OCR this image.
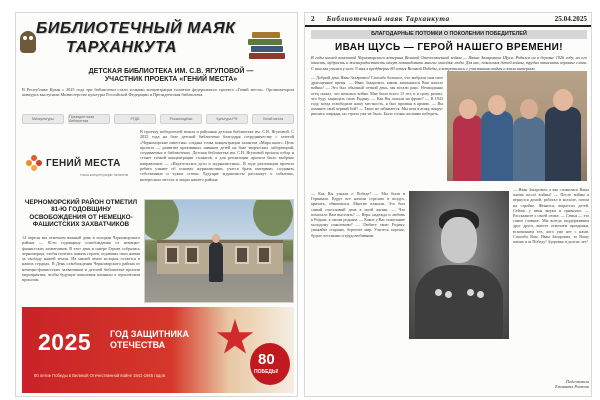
БИБЛИОТЕЧНЫЙ МАЯК
ТАРХАНКУТА
ДЕТСКАЯ БИБЛИОТЕКА ИМ. С.В. ЯГУПОВОЙ —
УЧАСТНИК ПРОЕКТА «ГЕНИЙ МЕСТА»
В Республике Крым с 2025 года три библиотеки стали точками концентрации талантов федерального проекта «Гений места». Организатором конкурса выступили Министерство культуры Российской Федерации и Президентская библиотека.
Минкультуры	Президентская библиотека	РГДБ	Росмолодёжь	Культура.РФ	Гений места
ГЕНИЙ МЕСТА
точка концентрации талантов
В проекту победителей вошла и районная детская библиотека им. С.В. Ягуповой. С 2025 года на базе детской библиотеки благодаря сотрудничеству с газетой «Черноморские известия» создана точка концентрации талантов «Мира книг». Цель проекта — развитие креативных навыков детей на базе творческих лабораторий, создаваемых в библиотеках. Детская библиотека им. С.В. Ягуповой прошла отбор и станет точкой концентрации талантов, а для реализации проекта было выбрано направление — «Издательское дело и журналистика». В ходе реализации проекта ребята узнают об основах журналистики, учатся брать интервью, создавать собственные и чужие статьи. Будущие журналисты расскажут о событиях, интересных местах и людях нашего района.
ЧЕРНОМОРСКИЙ РАЙОН ОТМЕТИЛ 81-Ю ГОДОВЩИНУ ОСВОБОЖДЕНИЯ ОТ НЕМЕЦКО-ФАШИСТСКИХ ЗАХВАТЧИКОВ
14 апреля мы отмечаем важный день в истории Черноморского района — 81-ю годовщину освобождения от немецко-фашистских захватчиков. В этот день в сквере Героев собрались черноморцы, чтобы почтить память героев, отдавших свои жизни за свободу нашей земли. На нашей земле история остается в наших сердцах. В День освобождения Черноморского района от немецко-фашистских захватчиков в детской библиотеке прошли мероприятия, чтобы будущие поколения помнили о героическом прошлом.
2025 ГОД ЗАЩИТНИКА ОТЕЧЕСТВА
80 летие Победы в Великой Отечественной войне 1941-1945 годов
80
ПОБЕДЫ!
2 Библиотечный маяк Тарханкута	25.04.2025
БЛАГОДАРНЫЕ ПОТОМКИ О ПОКОЛЕНИИ ПОБЕДИТЕЛЕЙ
ИВАН ЩУСЬ — ГЕРОЙ НАШЕГО ВРЕМЕНИ!
В годы нашей поисковой Черноморского ветерана Великой Отечественной войны — Ивана Захаровича Щуся. Родился он в деревне 1926 году, но его юность, мудрость и жизнерадостность могут позавидовать многие молодые люди. Для нас, поколения детей войны, трудно отыскать хорошие слова. С ним мы учимся у него. 9 мая в преддверии 80 летия Великой Победы, я встретилась с участником войны и взяла интервью.
— Добрый день Иван Захарович! Спасибо большое, что выбрали нам свое драгоценное время. — Иван Захарович, каким запомнился Вам начало войны? — Это был обычный летний день, мы встали рано. Неожиданно отец сказал, что началась война. Мне было всего 15 лет, и я сразу решил, что буду защищать свою Родину. — Как Вы попали на фронт? — В 1943 году, когда освободили нашу местность, я был призван в армию. — Вы помните свой первый бой? — Такое не забывается. Мы шли в атаку, вокруг рвались снаряды, но страха уже не было. Было только желание победить.
— Как Вы узнали о Победе? — Мы были в Германии. Вдруг все начали стрелять в воздух, кричать, обниматься. Многие плакали. Это был самый счастливый день в моей жизни. — Что помогало Вам выстоять? — Вера, надежда и любовь к Родине, к своим родным. — Какое у Вас пожелание молодому поколению? — Любите свою Родину, уважайте старших, берегите мир. Учитесь хорошо, будьте честными и трудолюбивыми.
— Иван Захарович, а как сложилась Ваша жизнь после войны? — После войны я вернулся домой, работал в колхозе, потом на стройке. Женился, вырастил детей. Сейчас у меня внуки и правнуки. — Расскажите о своей семье. — Семья — это самое главное. Мы всегда поддерживаем друг друга, вместе отмечаем праздники, вспоминаем тех, кого уже нет с нами. Спасибо Вам, Иван Захарович, за Вашу жизнь и за Победу! Здоровья и долгих лет!
Подготовила
Елизавета Ростова
